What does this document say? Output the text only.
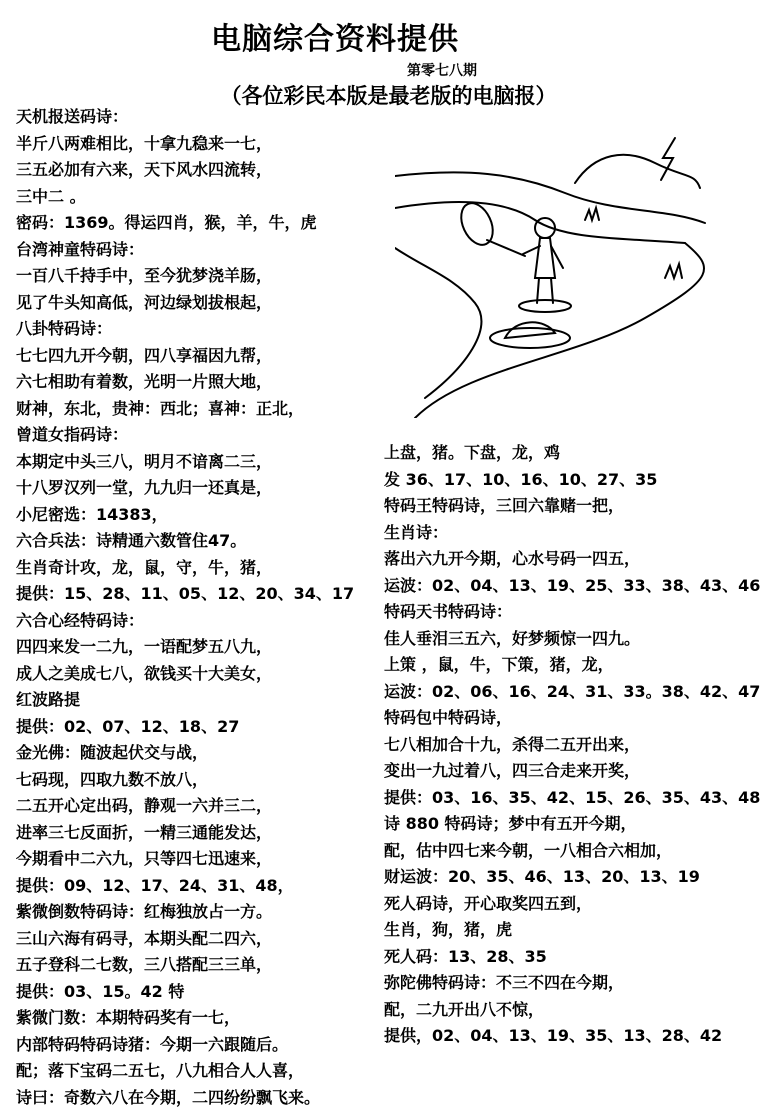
电脑综合资料提供
第零七八期
（各位彩民本版是最老版的电脑报）
天机报送码诗：
半斤八两难相比，十拿九稳来一七，
三五必加有六来，天下风水四流转，
三中二 。
密码：1369。得运四肖，猴，羊，牛，虎
台湾神童特码诗：
一百八千持手中，至今犹梦浇羊肠，
见了牛头知高低，河边绿划拔根起，
八卦特码诗：
七七四九开今朝，四八享福因九帮，
六七相助有着数，光明一片照大地，
财神，东北，贵神：西北；喜神：正北，
曾道女指码诗：
本期定中头三八，明月不谙离二三，
十八罗汉列一堂，九九归一还真是，
小尼密选：14383，
六合兵法：诗精通六数管住47。
生肖奇计攻，龙，鼠，守，牛，猪，
提供：15、28、11、05、12、20、34、17
六合心经特码诗：
四四来发一二九，一语配梦五八九，
成人之美成七八，欲钱买十大美女，
红波路提
提供：02、07、12、18、27
金光佛：随波起伏交与战，
七码现，四取九数不放八，
二五开心定出码，静观一六并三二，
进率三七反面折，一精三通能发达，
今期看中二六九，只等四七迅速来，
提供：09、12、17、24、31、48，
紫微倒数特码诗：红梅独放占一方。
三山六海有码寻，本期头配二四六，
五子登科二七数，三八搭配三三单，
提供：03、15。42 特
紫微门数：本期特码奖有一七，
内部特码特码诗猪：今期一六跟随后。
配；落下宝码二五七，八九相合人人喜，
诗曰：奇数六八在今期，二四纷纷飘飞来。
上盘，猪。下盘，龙，鸡
发 36、17、10、16、10、27、35
特码王特码诗，三回六靠赌一把，
生肖诗：
落出六九开今期，心水号码一四五，
运波：02、04、13、19、25、33、38、43、46
特码天书特码诗：
佳人垂泪三五六，好梦频惊一四九。
上策 ，鼠，牛，下策，猪，龙，
运波：02、06、16、24、31、33。38、42、47
特码包中特码诗，
七八相加合十九，杀得二五开出来，
变出一九过着八，四三合走来开奖，
提供：03、16、35、42、15、26、35、43、48
诗 880 特码诗；梦中有五开今期，
配，估中四七来今朝，一八相合六相加，
财运波：20、35、46、13、20、13、19
死人码诗，开心取奖四五到，
生肖，狗，猪，虎
死人码：13、28、35
弥陀佛特码诗：不三不四在今期，
配，二九开出八不惊，
提供，02、04、13、19、35、13、28、42
